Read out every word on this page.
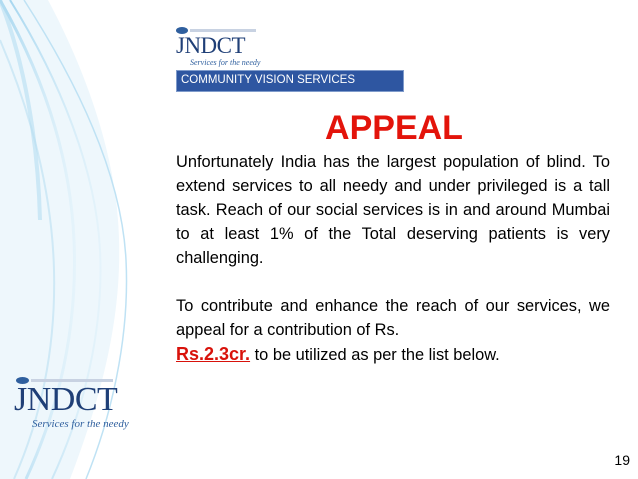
JNDCT
Services for the needy
COMMUNITY VISION SERVICES
APPEAL

Unfortunately India has the largest population of blind. To extend services to all needy and under privileged is a tall task. Reach of our social services is in and around Mumbai to at least 1% of the Total deserving patients is very challenging.

To contribute and enhance the reach of our services, we appeal for a contribution of Rs.
Rs.2.3cr. to be utilized as per the list below.

JNDCT
Services for the needy
19
